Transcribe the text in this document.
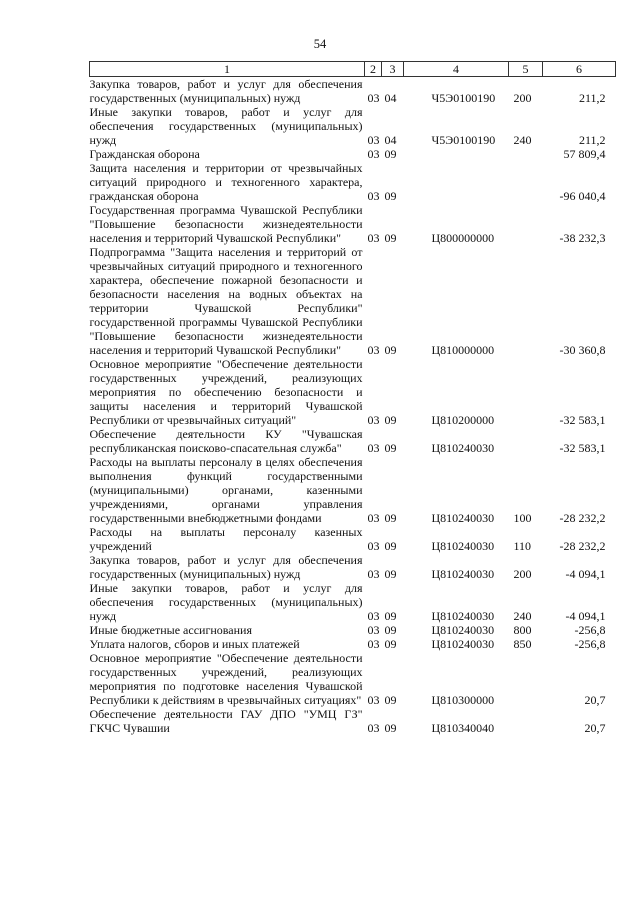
54
1	2	3	4	5	6
Закупка товаров, работ и услуг для обеспечения государственных (муниципальных) нужд	03	04	Ч5Э0100190	200	211,2
Иные закупки товаров, работ и услуг для обеспечения государственных (муниципальных) нужд	03	04	Ч5Э0100190	240	211,2
Гражданская оборона	03	09			57 809,4
Защита населения и территории от чрезвычайных ситуаций природного и техногенного характера, гражданская оборона	03	09			-96 040,4
Государственная программа Чувашской Республики "Повышение безопасности жизнедеятельности населения и территорий Чувашской Республики"	03	09	Ц800000000		-38 232,3
Подпрограмма "Защита населения и территорий от чрезвычайных ситуаций природного и техногенного характера, обеспечение пожарной безопасности и безопасности населения на водных объектах на территории Чувашской Республики" государственной программы Чувашской Республики "Повышение безопасности жизнедеятельности населения и территорий Чувашской Республики"	03	09	Ц810000000		-30 360,8
Основное мероприятие "Обеспечение деятельности государственных учреждений, реализующих мероприятия по обеспечению безопасности и защиты населения и территорий Чувашской Республики от чрезвычайных ситуаций"	03	09	Ц810200000		-32 583,1
Обеспечение деятельности КУ "Чувашская республиканская поисково-спасательная служба"	03	09	Ц810240030		-32 583,1
Расходы на выплаты персоналу в целях обеспечения выполнения функций государственными (муниципальными) органами, казенными учреждениями, органами управления государственными внебюджетными фондами	03	09	Ц810240030	100	-28 232,2
Расходы на выплаты персоналу казенных учреждений	03	09	Ц810240030	110	-28 232,2
Закупка товаров, работ и услуг для обеспечения государственных (муниципальных) нужд	03	09	Ц810240030	200	-4 094,1
Иные закупки товаров, работ и услуг для обеспечения государственных (муниципальных) нужд	03	09	Ц810240030	240	-4 094,1
Иные бюджетные ассигнования	03	09	Ц810240030	800	-256,8
Уплата налогов, сборов и иных платежей	03	09	Ц810240030	850	-256,8
Основное мероприятие "Обеспечение деятельности государственных учреждений, реализующих мероприятия по подготовке населения Чувашской Республики к действиям в чрезвычайных ситуациях"	03	09	Ц810300000		20,7
Обеспечение деятельности ГАУ ДПО "УМЦ ГЗ" ГКЧС Чувашии	03	09	Ц810340040		20,7
